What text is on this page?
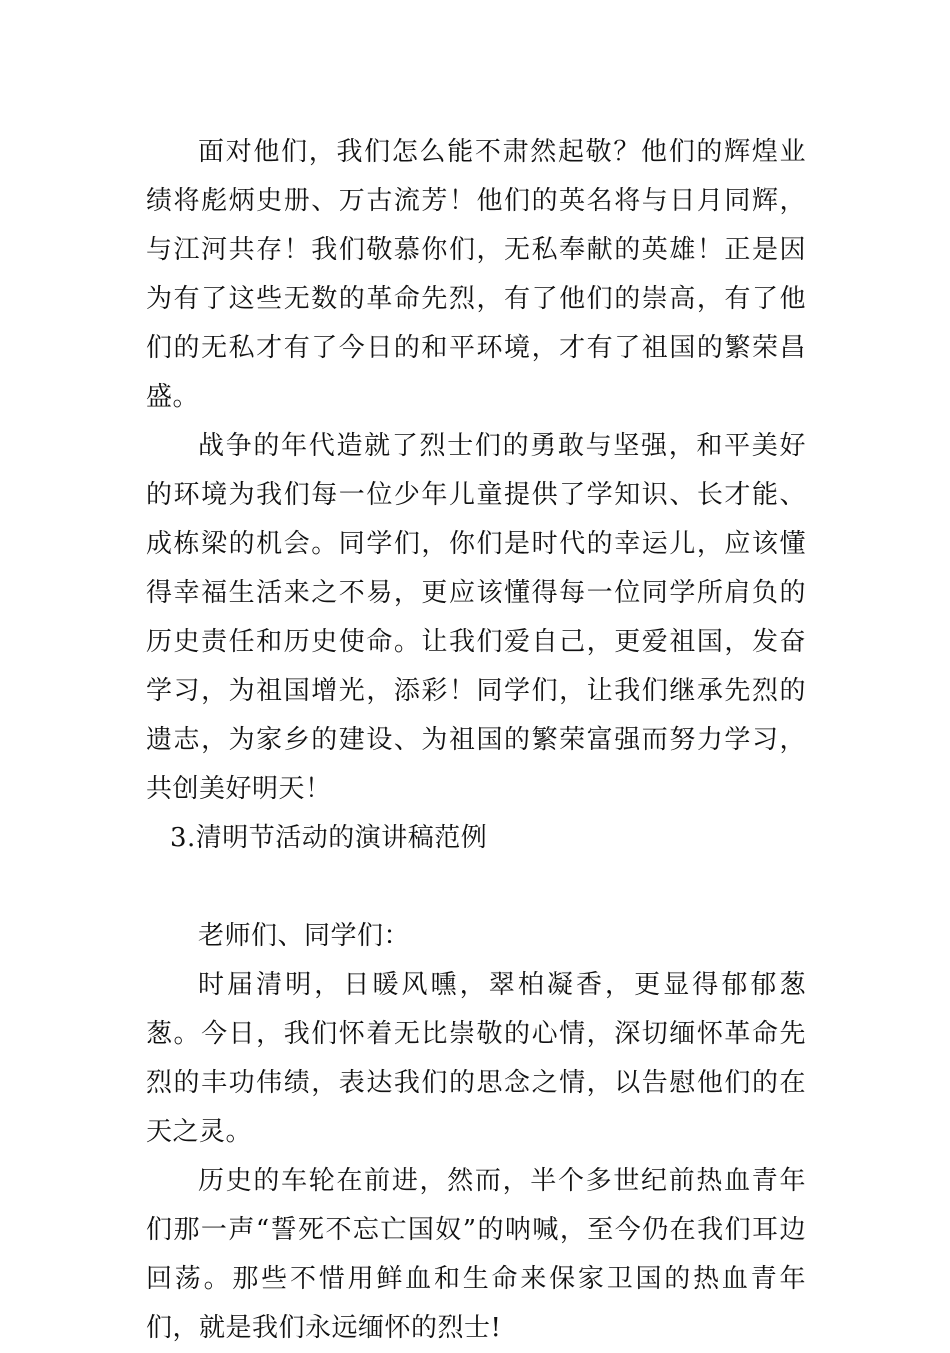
面对他们，我们怎么能不肃然起敬？他们的辉煌业绩将彪炳史册、万古流芳！他们的英名将与日月同辉，与江河共存！我们敬慕你们，无私奉献的英雄！正是因为有了这些无数的革命先烈，有了他们的崇高，有了他们的无私才有了今日的和平环境，才有了祖国的繁荣昌盛。

战争的年代造就了烈士们的勇敢与坚强，和平美好的环境为我们每一位少年儿童提供了学知识、长才能、成栋梁的机会。同学们，你们是时代的幸运儿，应该懂得幸福生活来之不易，更应该懂得每一位同学所肩负的历史责任和历史使命。让我们爱自己，更爱祖国，发奋学习，为祖国增光，添彩！同学们，让我们继承先烈的遗志，为家乡的建设、为祖国的繁荣富强而努力学习，共创美好明天！

3.清明节活动的演讲稿范例

老师们、同学们：

时届清明，日暖风曛，翠柏凝香，更显得郁郁葱葱。今日，我们怀着无比崇敬的心情，深切缅怀革命先烈的丰功伟绩，表达我们的思念之情，以告慰他们的在天之灵。

历史的车轮在前进，然而，半个多世纪前热血青年们那一声“誓死不忘亡国奴”的呐喊，至今仍在我们耳边回荡。那些不惜用鲜血和生命来保家卫国的热血青年们，就是我们永远缅怀的烈士!
